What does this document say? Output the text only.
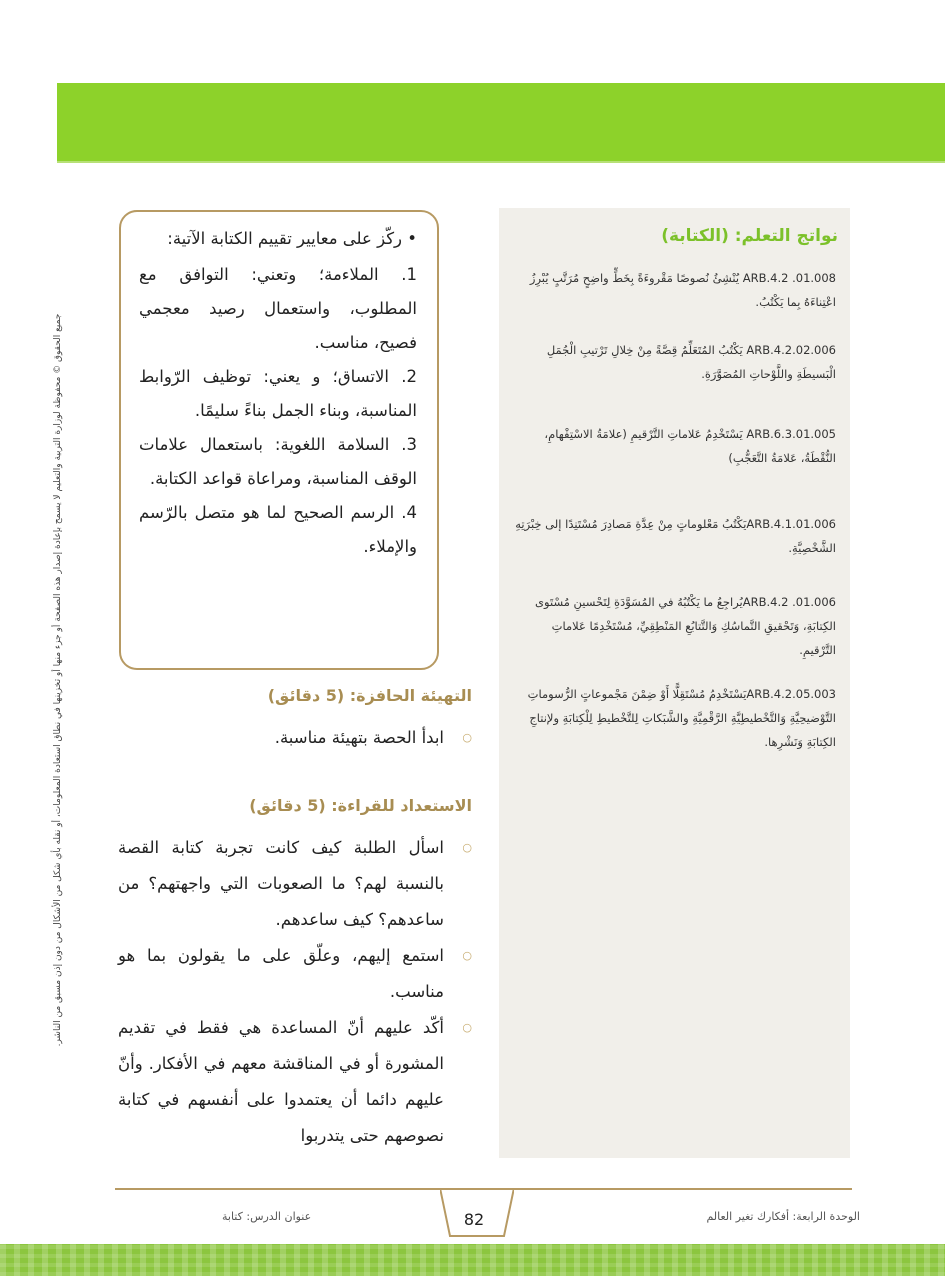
جميع الحقوق © محفوظة لوزارة التربية والتعليم لا يسمح بإعادة إصدار هذه الصفحة أو جزء منها أو تخزينها في نطاق استعادة المعلومات، أو نقله بأي شكل من الأشكال من دون إذن مسبق من الناشر.
نواتج التعلم: (الكتابة)
ARB.4.2 .01.008 يُنْشِئُ نُصوصًا مَقْروءَةً بِخَطٍّ واضِحٍ مُرَتَّبٍ يُبْرِزُ اعْتِناءَهُ بِما يَكْتُبُ.
ARB.4.2.02.006 يَكْتُبُ المُتَعَلِّمُ قِصَّةً مِنْ خِلالِ تَرْتيبِ الْجُمَلِ الْبَسيطَةِ واللَّوْحاتِ المُصَوَّرَةِ.
ARB.6.3.01.005 يَسْتَخْدِمُ عَلاماتِ التَّرْقيمِ (علامَةُ الاسْتِفْهامِ، النُّقْطَةُ، عَلامَةُ التَّعَجُّبِ)
ARB.4.1.01.006يَكْتُبُ مَعْلوماتٍ مِنْ عِدَّةِ مَصادِرَ مُسْتَنِدًا إلى خِبْرَتِهِ الشَّخْصِيَّةِ.
ARB.4.2 .01.006يُراجِعُ ما يَكْتُبُهُ في المُسَوَّدَةِ لِتَحْسينِ مُسْتَوى الكِتابَةِ، وَتَحْقيقِ التَّماسُكِ وَالتَّتابُعِ المَنْطِقِيِّ، مُسْتَخْدِمًا عَلاماتِ التَّرْقيمِ.
ARB.4.2.05.003يَسْتَخْدِمُ مُسْتَقِلًّا أَوْ ضِمْنَ مَجْموعاتٍ الرُّسوماتِ التَّوْضيحِيَّةِ وَالتَّخْطيطِيَّةِ الرَّقْمِيَّةِ والشَّبَكاتِ لِلتَّخْطيطِ لِلْكِتابَةِ ولإنتاجِ الكِتابَةِ وَنَشْرِها.

• ركّز على معايير تقييم الكتابة الآتية:

1. الملاءمة؛ وتعني: التوافق مع المطلوب، واستعمال رصيد معجمي فصيح، مناسب.
2. الاتساق؛ و يعني: توظيف الرّوابط المناسبة، وبناء الجمل بناءً سليمًا.
3. السلامة اللغوية: باستعمال علامات الوقف المناسبة، ومراعاة قواعد الكتابة.
4. الرسم الصحيح لما هو متصل بالرّسم والإملاء.
التهيئة الحافزة: (5 دقائق)
○
ابدأ الحصة بتهيئة مناسبة.
الاستعداد للقراءة: (5 دقائق)
○
اسأل الطلبة كيف كانت تجربة كتابة القصة بالنسبة لهم؟ ما الصعوبات التي واجهتهم؟ من ساعدهم؟ كيف ساعدهم.
○
استمع إليهم، وعلّق على ما يقولون بما هو مناسب.
○
أكّد عليهم أنّ المساعدة هي فقط في تقديم المشورة أو في المناقشة معهم في الأفكار. وأنّ عليهم دائما أن يعتمدوا على أنفسهم في كتابة نصوصهم حتى يتدربوا
82	الوحدة الرابعة: أفكارك تغير العالم
عنوان الدرس: كتابة
